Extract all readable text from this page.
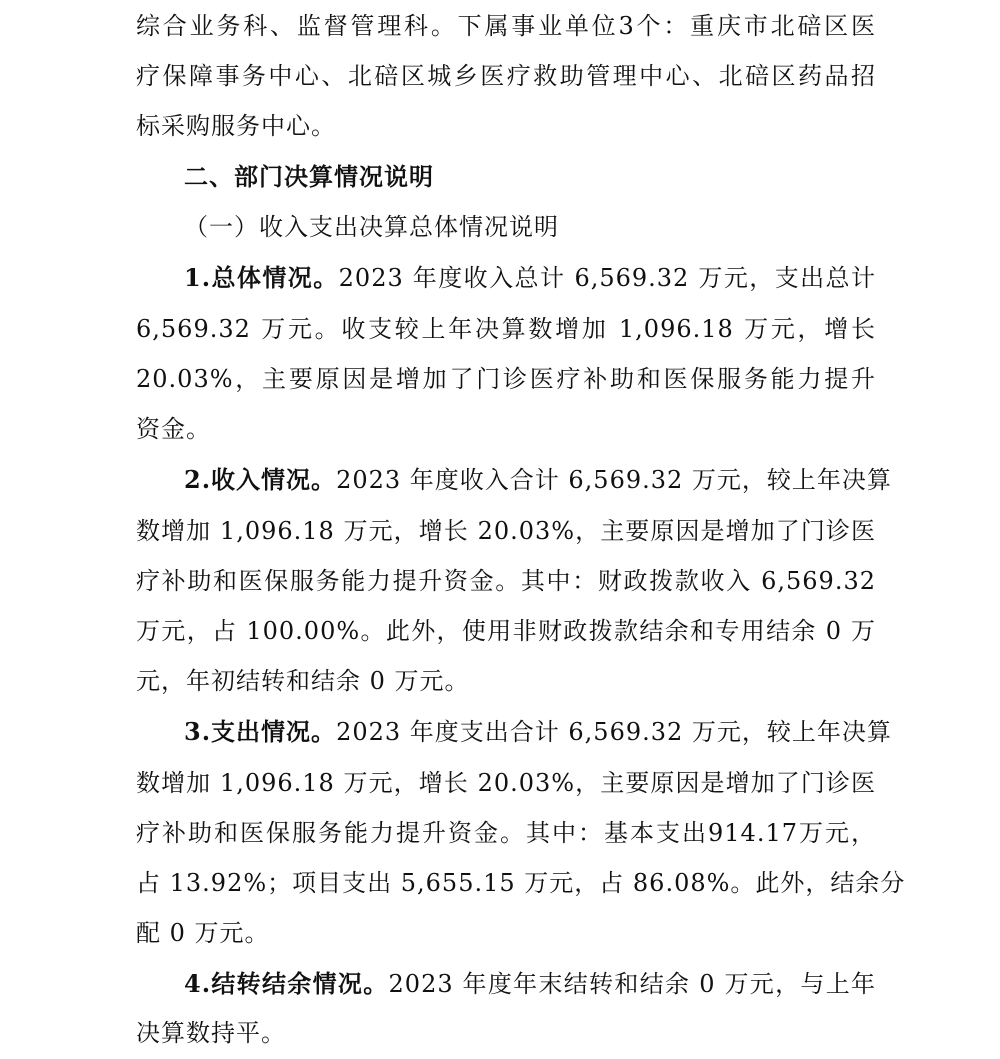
综合业务科、监督管理科。下属事业单位3个：重庆市北碚区医
疗保障事务中心、北碚区城乡医疗救助管理中心、北碚区药品招
标采购服务中心。
二、部门决算情况说明
（一）收入支出决算总体情况说明
1.总体情况。2023 年度收入总计 6,569.32 万元，支出总计
6,569.32 万元。收支较上年决算数增加 1,096.18 万元，增长
20.03%，主要原因是增加了门诊医疗补助和医保服务能力提升
资金。
2.收入情况。2023 年度收入合计 6,569.32 万元，较上年决算
数增加 1,096.18 万元，增长 20.03%，主要原因是增加了门诊医
疗补助和医保服务能力提升资金。其中：财政拨款收入 6,569.32
万元，占 100.00%。此外，使用非财政拨款结余和专用结余 0 万
元，年初结转和结余 0 万元。
3.支出情况。2023 年度支出合计 6,569.32 万元，较上年决算
数增加 1,096.18 万元，增长 20.03%，主要原因是增加了门诊医
疗补助和医保服务能力提升资金。其中：基本支出914.17万元，
占 13.92%；项目支出 5,655.15 万元，占 86.08%。此外，结余分
配 0 万元。
4.结转结余情况。2023 年度年末结转和结余 0 万元，与上年
决算数持平。
